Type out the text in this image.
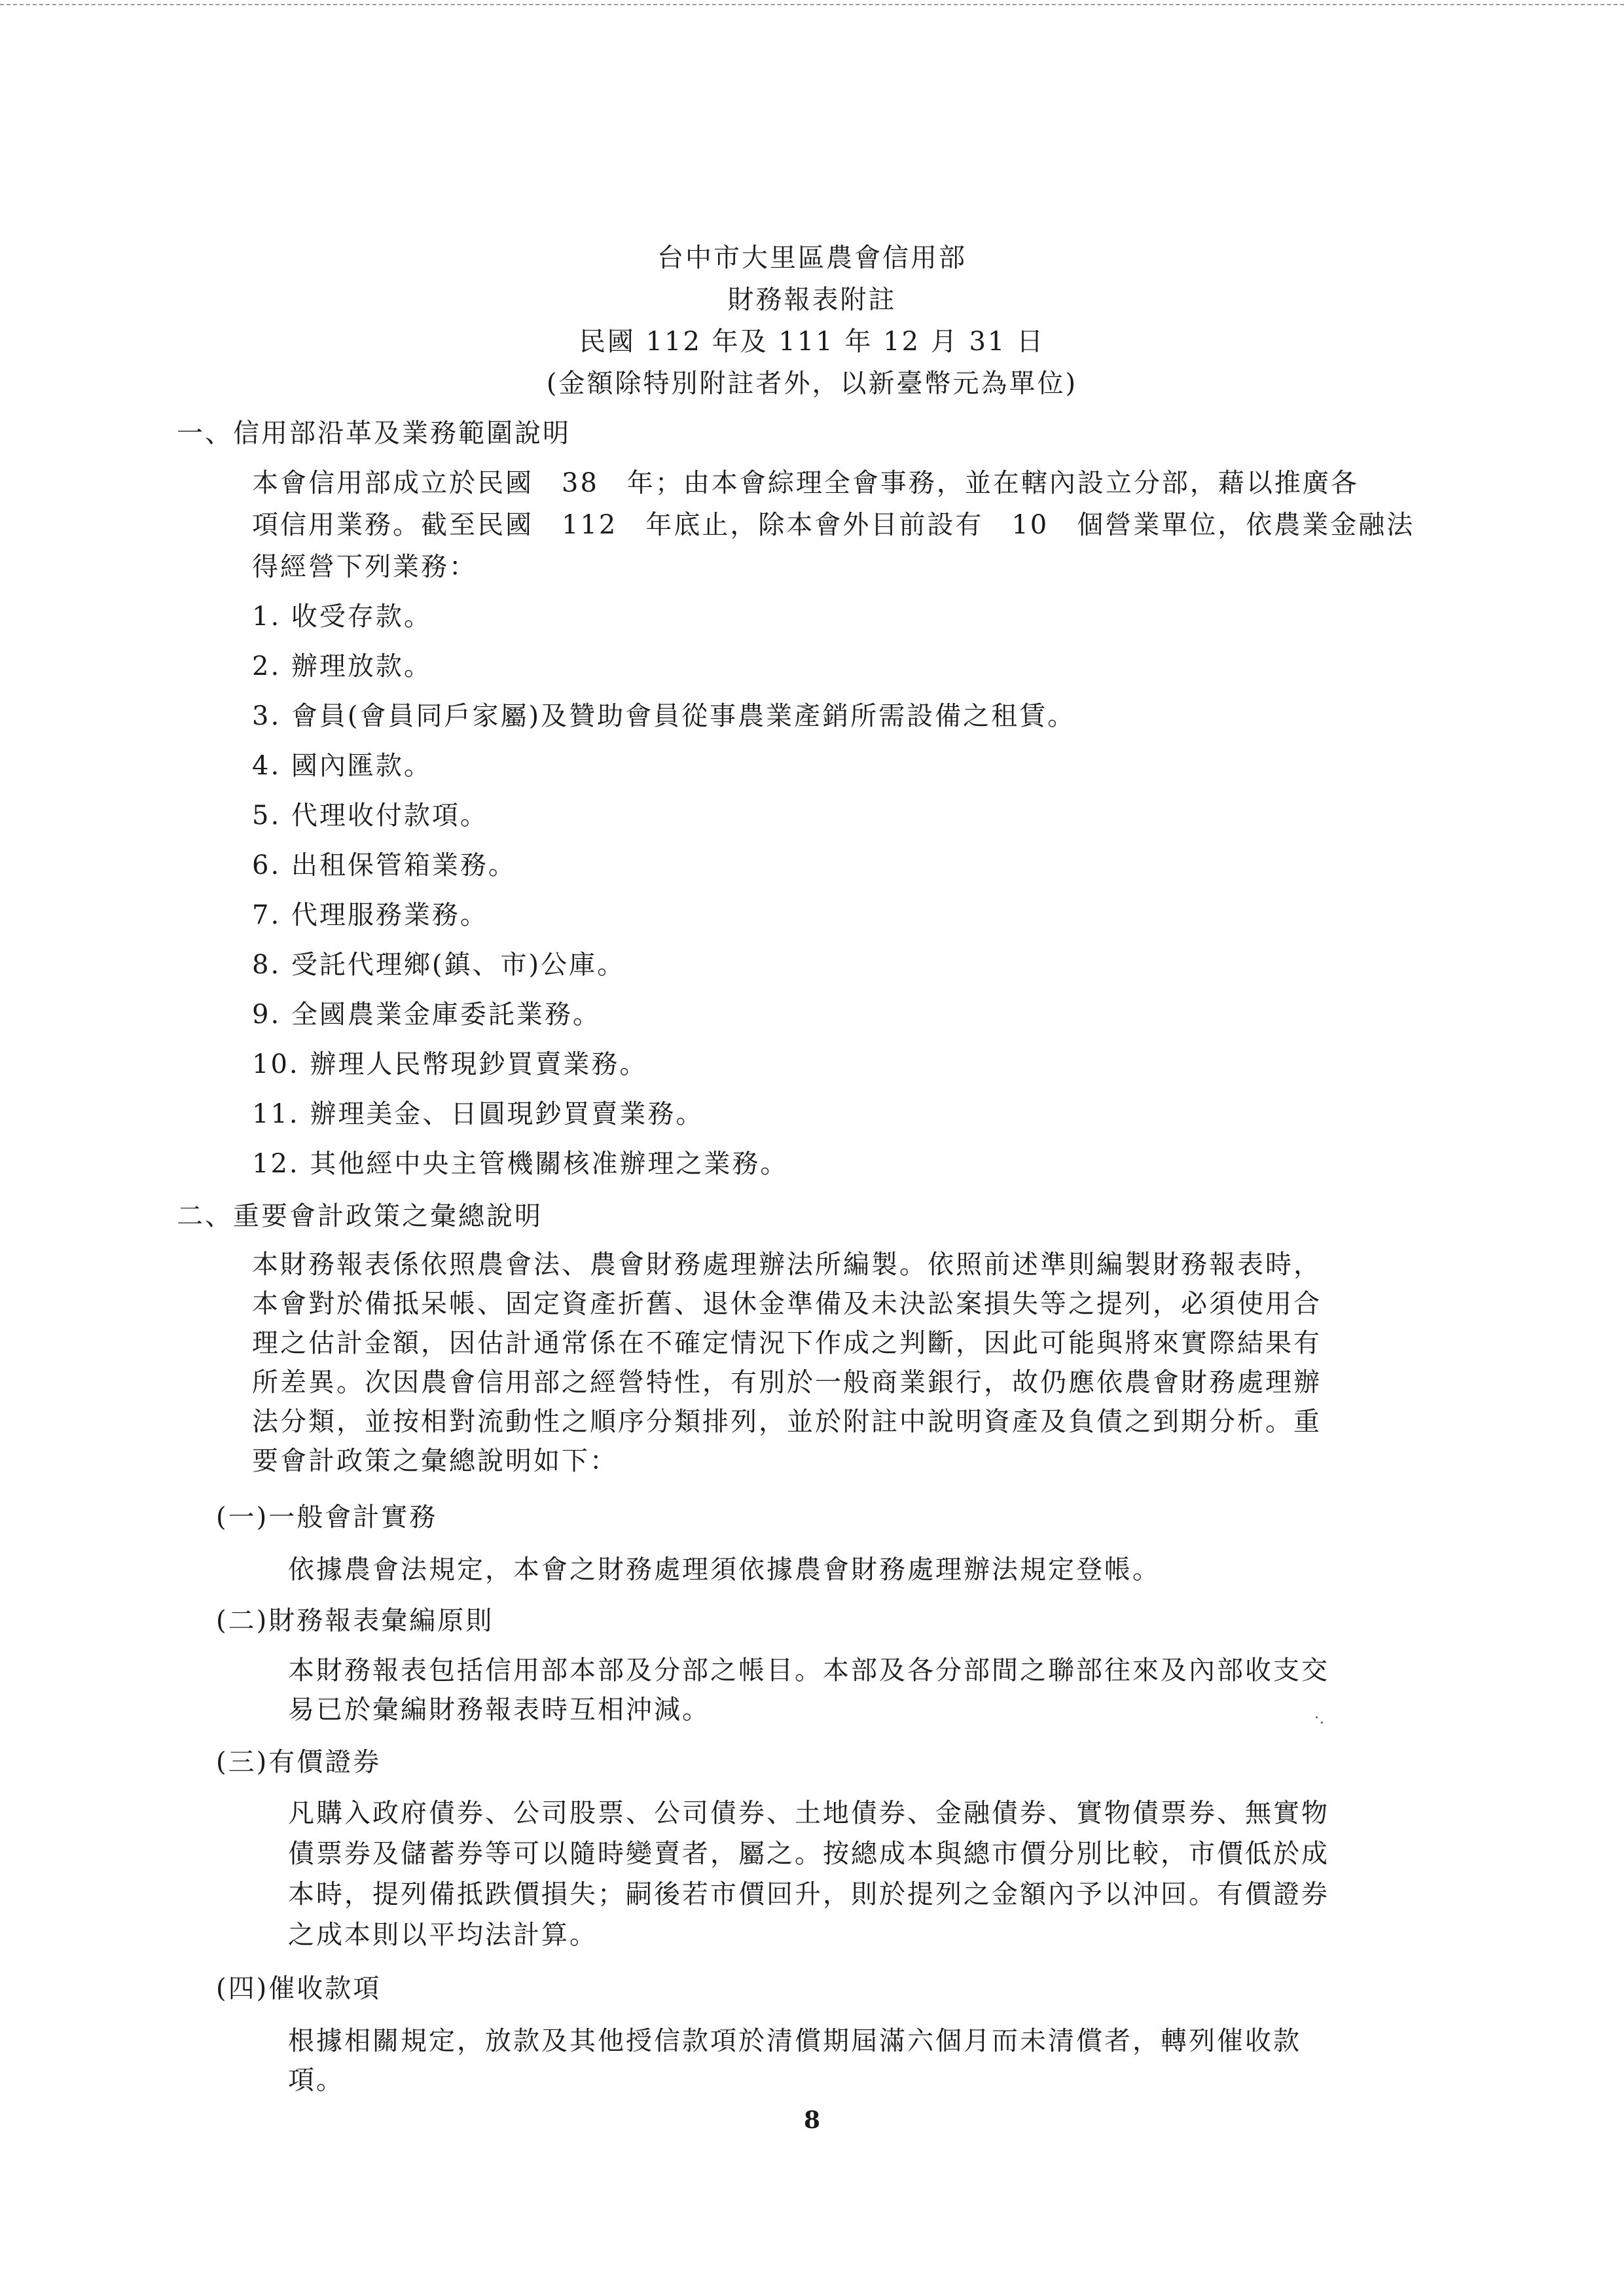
台中市大里區農會信用部
財務報表附註
民國 112 年及 111 年 12 月 31 日
(金額除特別附註者外，以新臺幣元為單位)
一、信用部沿革及業務範圍說明
本會信用部成立於民國　38　年；由本會綜理全會事務，並在轄內設立分部，藉以推廣各
項信用業務。截至民國　112　年底止，除本會外目前設有　10　個營業單位，依農業金融法
得經營下列業務：
1. 收受存款。
2. 辦理放款。
3. 會員(會員同戶家屬)及贊助會員從事農業產銷所需設備之租賃。
4. 國內匯款。
5. 代理收付款項。
6. 出租保管箱業務。
7. 代理服務業務。
8. 受託代理鄉(鎮、市)公庫。
9. 全國農業金庫委託業務。
10. 辦理人民幣現鈔買賣業務。
11. 辦理美金、日圓現鈔買賣業務。
12. 其他經中央主管機關核准辦理之業務。
二、重要會計政策之彙總說明
本財務報表係依照農會法、農會財務處理辦法所編製。依照前述準則編製財務報表時，
本會對於備抵呆帳、固定資產折舊、退休金準備及未決訟案損失等之提列，必須使用合
理之估計金額，因估計通常係在不確定情況下作成之判斷，因此可能與將來實際結果有
所差異。次因農會信用部之經營特性，有別於一般商業銀行，故仍應依農會財務處理辦
法分類，並按相對流動性之順序分類排列，並於附註中說明資產及負債之到期分析。重
要會計政策之彙總說明如下：
(一)一般會計實務
依據農會法規定，本會之財務處理須依據農會財務處理辦法規定登帳。
(二)財務報表彙編原則
本財務報表包括信用部本部及分部之帳目。本部及各分部間之聯部往來及內部收支交
易已於彙編財務報表時互相沖減。
(三)有價證券
凡購入政府債券、公司股票、公司債券、土地債券、金融債券、實物債票券、無實物
債票券及儲蓄券等可以隨時變賣者，屬之。按總成本與總市價分別比較，市價低於成
本時，提列備抵跌價損失；嗣後若市價回升，則於提列之金額內予以沖回。有價證券
之成本則以平均法計算。
(四)催收款項
根據相關規定，放款及其他授信款項於清償期屆滿六個月而未清償者，轉列催收款
項。
8
